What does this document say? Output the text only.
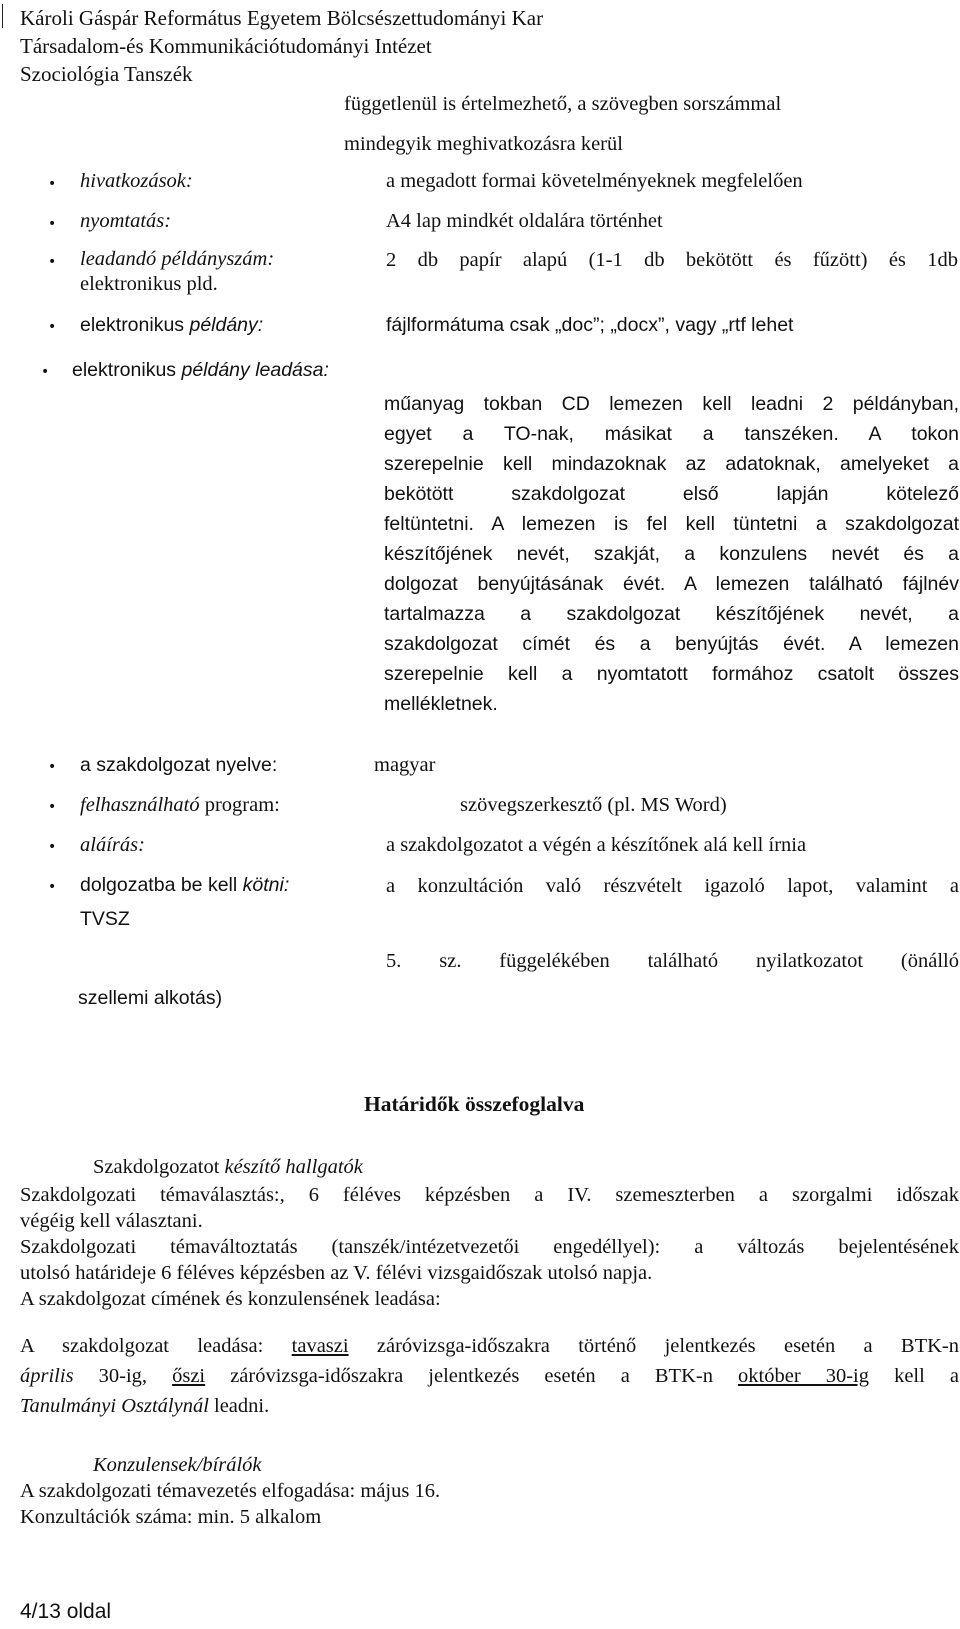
Károli Gáspár Református Egyetem Bölcsészettudományi Kar
Társadalom-és Kommunikációtudományi Intézet
Szociológia Tanszék
függetlenül is értelmezhető, a szövegben sorszámmal
mindegyik meghivatkozásra kerül
• hivatkozások:	a megadott formai követelményeknek megfelelően
• nyomtatás:	A4 lap mindkét oldalára történhet
• leadandó példányszám:	2 db papír alapú (1-1 db bekötött és fűzött) és 1db
elektronikus pld.
• elektronikus példány:	fájlformátuma csak „doc”; „docx”, vagy „rtf lehet
• elektronikus példány leadása:
műanyag tokban CD lemezen kell leadni 2 példányban,
egyet a TO-nak, másikat a tanszéken. A tokon
szerepelnie kell mindazoknak az adatoknak, amelyeket a
bekötött szakdolgozat első lapján kötelező
feltüntetni. A lemezen is fel kell tüntetni a szakdolgozat
készítőjének nevét, szakját, a konzulens nevét és a
dolgozat benyújtásának évét. A lemezen található fájlnév
tartalmazza a szakdolgozat készítőjének nevét, a
szakdolgozat címét és a benyújtás évét. A lemezen
szerepelnie kell a nyomtatott formához csatolt összes
mellékletnek.
• a szakdolgozat nyelve:	magyar
• felhasználható program:	szövegszerkesztő (pl. MS Word)
• aláírás:	a szakdolgozatot a végén a készítőnek alá kell írnia
• dolgozatba be kell kötni:	a konzultáción való részvételt igazoló lapot, valamint a
TVSZ
5. sz. függelékében található nyilatkozatot (önálló
szellemi alkotás)
Határidők összefoglalva
Szakdolgozatot készítő hallgatók
Szakdolgozati témaválasztás:, 6 féléves képzésben a IV. szemeszterben a szorgalmi időszak
végéig kell választani.
Szakdolgozati témaváltoztatás (tanszék/intézetvezetői engedéllyel): a változás bejelentésének
utolsó határideje 6 féléves képzésben az V. félévi vizsgaidőszak utolsó napja.
A szakdolgozat címének és konzulensének leadása:
A szakdolgozat leadása: tavaszi záróvizsga-időszakra történő jelentkezés esetén a BTK-n
április 30-ig, őszi záróvizsga-időszakra jelentkezés esetén a BTK-n október 30-ig kell a
Tanulmányi Osztálynál leadni.
Konzulensek/bírálók
A szakdolgozati témavezetés elfogadása: május 16.
Konzultációk száma: min. 5 alkalom
4/13 oldal
